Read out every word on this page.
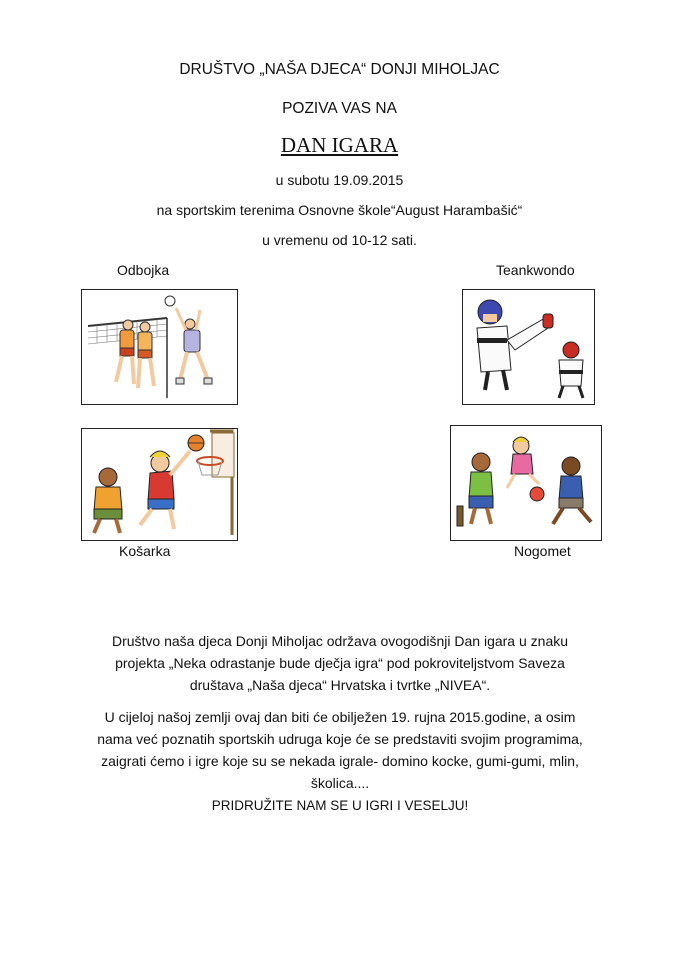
DRUŠTVO „NAŠA DJECA“ DONJI MIHOLJAC
POZIVA VAS NA
DAN IGARA
u subotu 19.09.2015
na sportskim terenima Osnovne škole“August Harambašić“
u vremenu od 10-12 sati.
Odbojka	Teankwondo
Košarka	Nogomet
Društvo naša djeca Donji Miholjac održava ovogodišnji Dan igara u znaku
projekta „Neka odrastanje bude dječja igra“ pod pokroviteljstvom Saveza
društava „Naša djeca“ Hrvatska i tvrtke „NIVEA“.
U cijeloj našoj zemlji ovaj dan biti će obilježen 19. rujna 2015.godine, a osim
nama već poznatih sportskih udruga koje će se predstaviti svojim programima,
zaigrati ćemo i igre koje su se nekada igrale- domino kocke, gumi-gumi, mlin,
školica....
PRIDRUŽITE NAM SE U IGRI I VESELJU!
